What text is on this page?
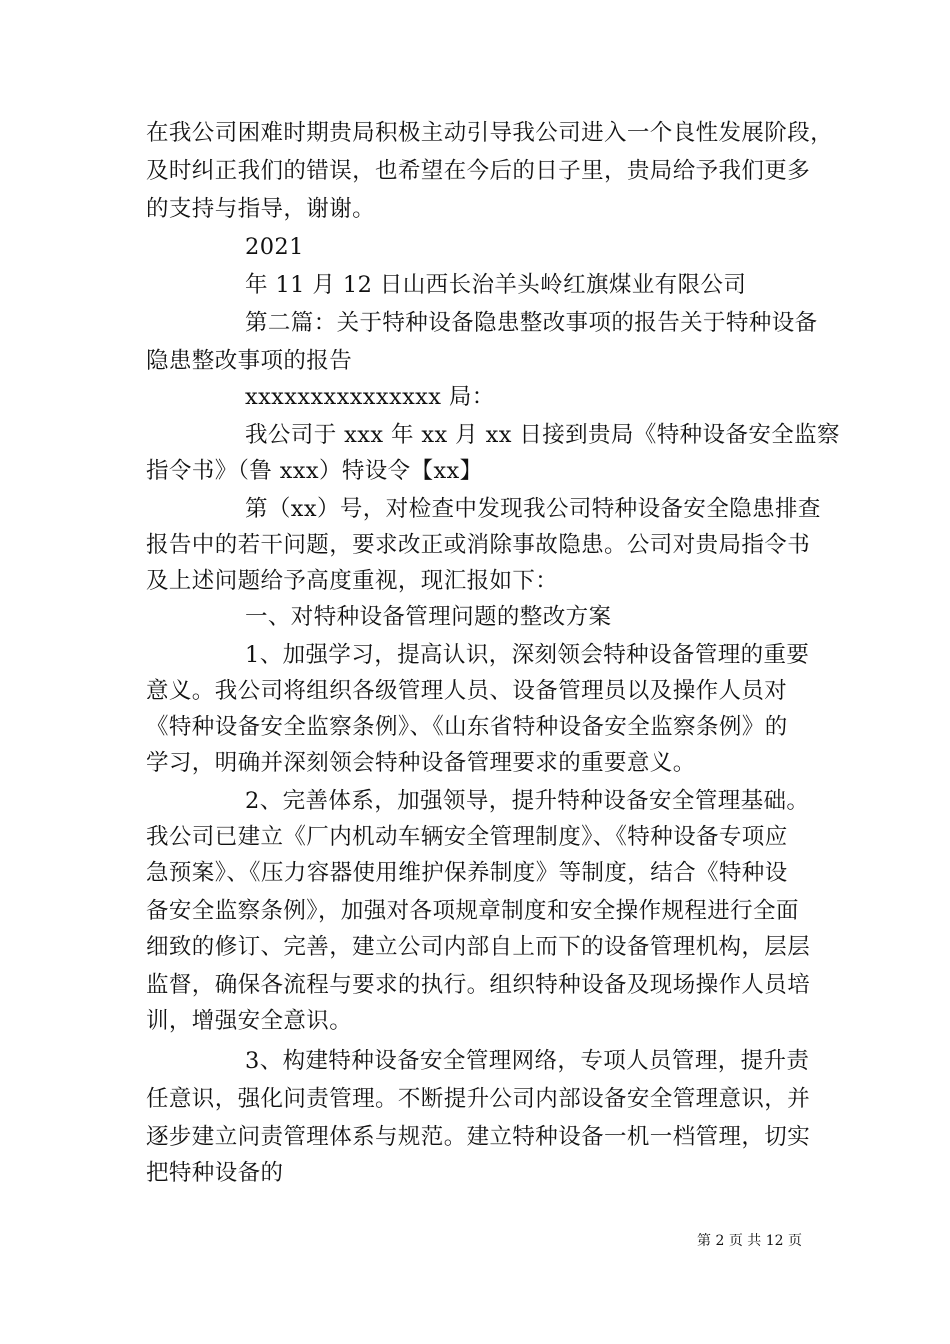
在我公司困难时期贵局积极主动引导我公司进入一个良性发展阶段，
及时纠正我们的错误，也希望在今后的日子里，贵局给予我们更多
的支持与指导，谢谢。
2021
年 11 月 12 日山西长治羊头岭红旗煤业有限公司
第二篇：关于特种设备隐患整改事项的报告关于特种设备
隐患整改事项的报告
xxxxxxxxxxxxxxx 局：
我公司于 xxx 年 xx 月 xx 日接到贵局《特种设备安全监察
指令书》（鲁 xxx）特设令【xx】
第（xx）号，对检查中发现我公司特种设备安全隐患排查
报告中的若干问题，要求改正或消除事故隐患。公司对贵局指令书
及上述问题给予高度重视，现汇报如下：
一、对特种设备管理问题的整改方案
1、加强学习，提高认识，深刻领会特种设备管理的重要
意义。我公司将组织各级管理人员、设备管理员以及操作人员对
《特种设备安全监察条例》、《山东省特种设备安全监察条例》的
学习，明确并深刻领会特种设备管理要求的重要意义。
2、完善体系，加强领导，提升特种设备安全管理基础。
我公司已建立《厂内机动车辆安全管理制度》、《特种设备专项应
急预案》、《压力容器使用维护保养制度》等制度，结合《特种设
备安全监察条例》，加强对各项规章制度和安全操作规程进行全面
细致的修订、完善，建立公司内部自上而下的设备管理机构，层层
监督，确保各流程与要求的执行。组织特种设备及现场操作人员培
训，增强安全意识。
3、构建特种设备安全管理网络，专项人员管理，提升责
任意识，强化问责管理。不断提升公司内部设备安全管理意识，并
逐步建立问责管理体系与规范。建立特种设备一机一档管理，切实
把特种设备的
第 2 页 共 12 页
